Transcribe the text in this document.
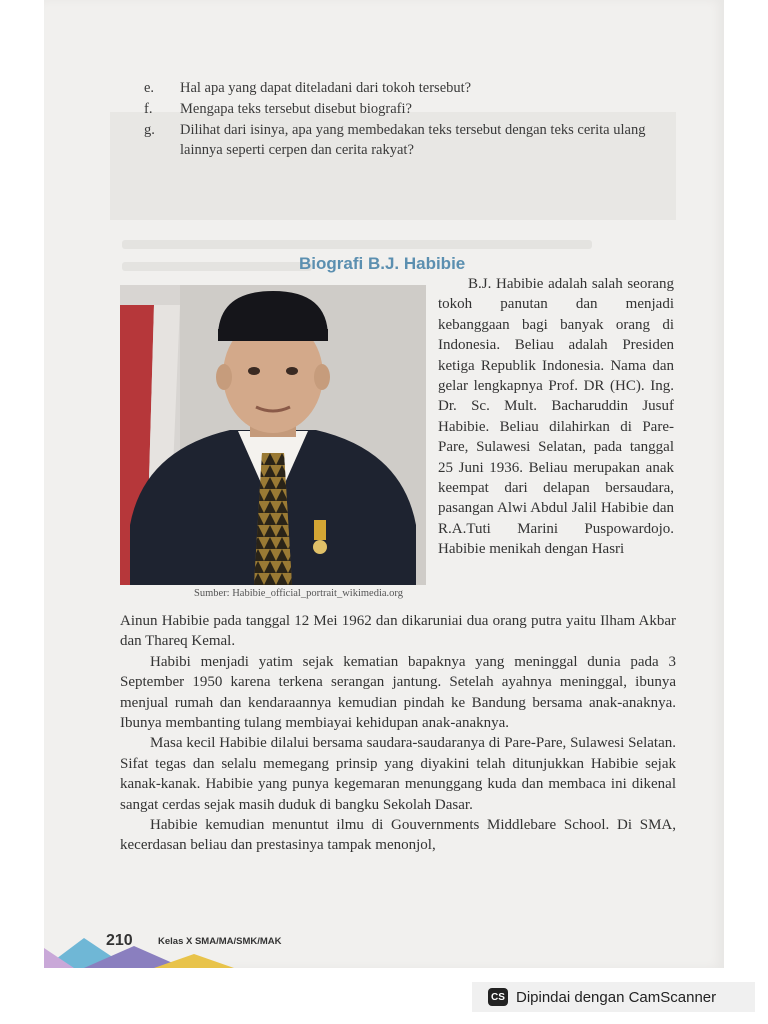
e.	Hal apa yang dapat diteladani dari tokoh tersebut?
f.	Mengapa teks tersebut disebut biografi?
g.	Dilihat dari isinya, apa yang membedakan teks tersebut dengan teks cerita ulang lainnya seperti cerpen dan cerita rakyat?
Biografi B.J. Habibie
Sumber: Habibie_official_portrait_wikimedia.org

B.J. Habibie adalah salah seorang tokoh panutan dan menjadi kebanggaan bagi banyak orang di Indonesia. Beliau adalah Presiden ketiga Republik Indonesia. Nama dan gelar lengkapnya Prof. DR (HC). Ing. Dr. Sc. Mult. Bacharuddin Jusuf Habibie. Beliau dilahirkan di Pare-Pare, Sulawesi Selatan, pada tanggal 25 Juni 1936. Beliau merupakan anak keempat dari delapan bersaudara, pasangan Alwi Abdul Jalil Habibie dan R.A.Tuti Marini Puspowardojo. Habibie menikah dengan Hasri

Ainun Habibie pada tanggal 12 Mei 1962 dan dikaruniai dua orang putra yaitu Ilham Akbar dan Thareq Kemal.

Habibi menjadi yatim sejak kematian bapaknya yang meninggal dunia pada 3 September 1950 karena terkena serangan jantung. Setelah ayahnya meninggal, ibunya menjual rumah dan kendaraannya kemudian pindah ke Bandung bersama anak-anaknya. Ibunya membanting tulang membiayai kehidupan anak-anaknya.

Masa kecil Habibie dilalui bersama saudara-saudaranya di Pare-Pare, Sulawesi Selatan. Sifat tegas dan selalu memegang prinsip yang diyakini telah ditunjukkan Habibie sejak kanak-kanak. Habibie yang punya kegemaran menunggang kuda dan membaca ini dikenal sangat cerdas sejak masih duduk di bangku Sekolah Dasar.

Habibie kemudian menuntut ilmu di Gouvernments Middlebare School. Di SMA, kecerdasan beliau dan prestasinya tampak menonjol,

210	Kelas X SMA/MA/SMK/MAK
CS Dipindai dengan CamScanner
